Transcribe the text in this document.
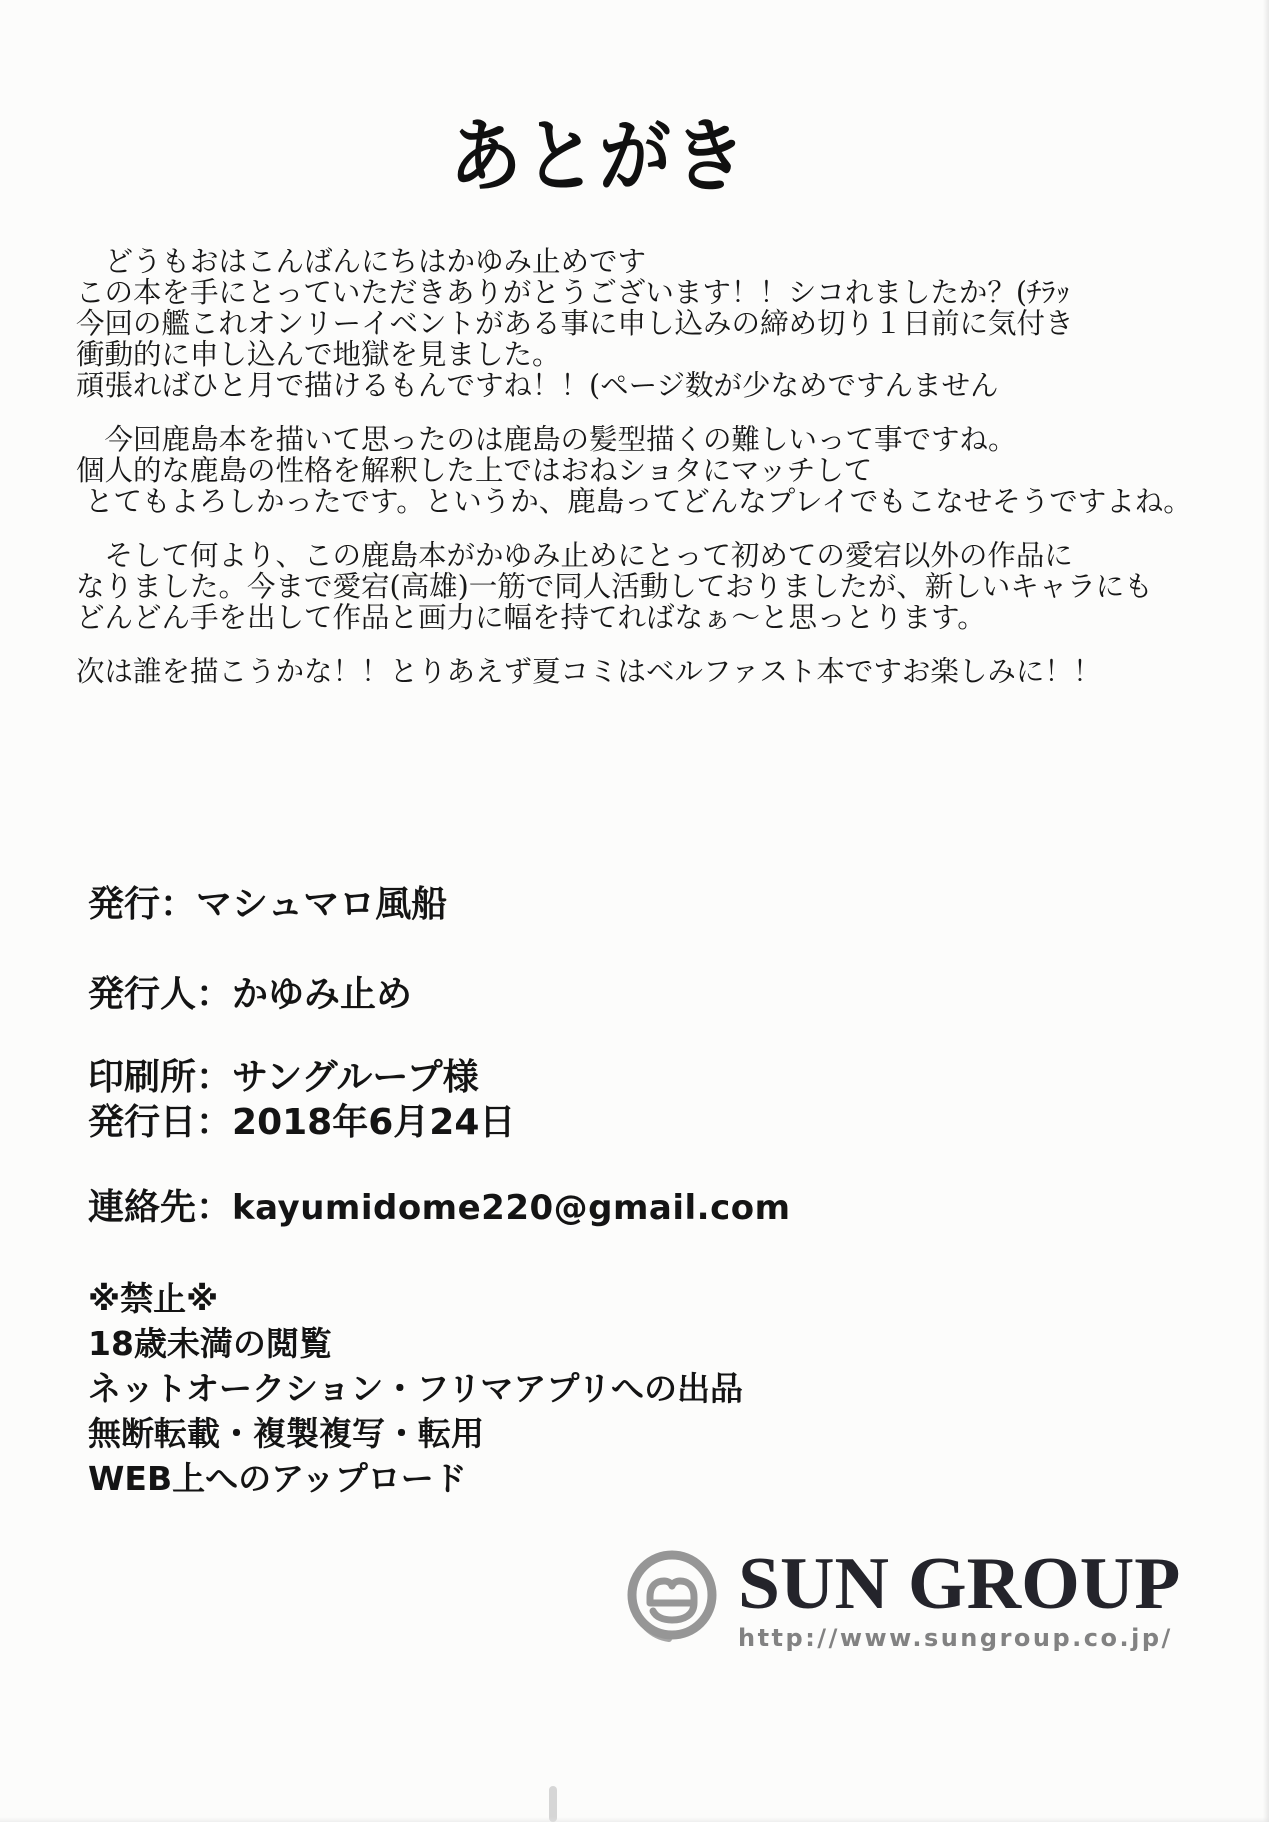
あとがき

　どうもおはこんばんにちはかゆみ止めです
この本を手にとっていただきありがとうございます！！シコれましたか？(ﾁﾗｯ
今回の艦これオンリーイベントがある事に申し込みの締め切り１日前に気付き
衝動的に申し込んで地獄を見ました。
頑張ればひと月で描けるもんですね！！(ページ数が少なめですんません

　今回鹿島本を描いて思ったのは鹿島の髪型描くの難しいって事ですね。
個人的な鹿島の性格を解釈した上ではおねショタにマッチして
とてもよろしかったです。というか、鹿島ってどんなプレイでもこなせそうですよね。

　そして何より、この鹿島本がかゆみ止めにとって初めての愛宕以外の作品に
なりました。今まで愛宕(高雄)一筋で同人活動しておりましたが、新しいキャラにも
どんどん手を出して作品と画力に幅を持てればなぁ～と思っとります。

次は誰を描こうかな！！とりあえず夏コミはベルファスト本ですお楽しみに！！

発行：マシュマロ風船
発行人：かゆみ止め
印刷所：サングループ様
発行日：2018年6月24日
連絡先：kayumidome220@gmail.com
※禁止※
18歳未満の閲覧
ネットオークション・フリマアプリへの出品
無断転載・複製複写・転用
WEB上へのアップロード
SUN GROUP
http://www.sungroup.co.jp/
